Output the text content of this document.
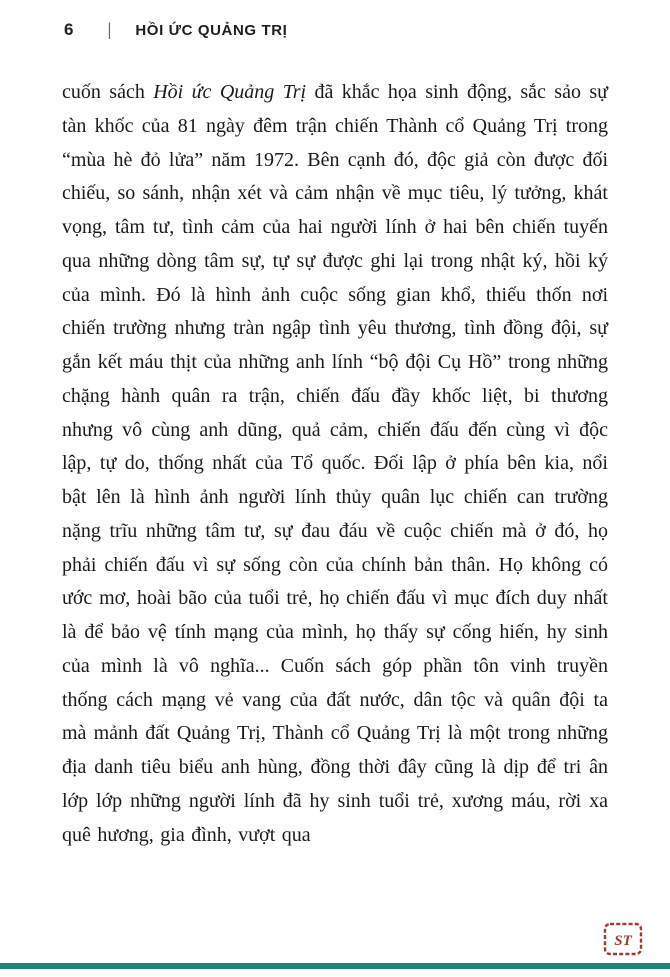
6 | HỒI ỨC QUẢNG TRỊ
cuốn sách Hồi ức Quảng Trị đã khắc họa sinh động, sắc sảo sự tàn khốc của 81 ngày đêm trận chiến Thành cổ Quảng Trị trong “mùa hè đỏ lửa” năm 1972. Bên cạnh đó, độc giả còn được đối chiếu, so sánh, nhận xét và cảm nhận về mục tiêu, lý tưởng, khát vọng, tâm tư, tình cảm của hai người lính ở hai bên chiến tuyến qua những dòng tâm sự, tự sự được ghi lại trong nhật ký, hồi ký của mình. Đó là hình ảnh cuộc sống gian khổ, thiếu thốn nơi chiến trường nhưng tràn ngập tình yêu thương, tình đồng đội, sự gắn kết máu thịt của những anh lính “bộ đội Cụ Hồ” trong những chặng hành quân ra trận, chiến đấu đầy khốc liệt, bi thương nhưng vô cùng anh dũng, quả cảm, chiến đấu đến cùng vì độc lập, tự do, thống nhất của Tổ quốc. Đối lập ở phía bên kia, nổi bật lên là hình ảnh người lính thủy quân lục chiến can trường nặng trĩu những tâm tư, sự đau đáu về cuộc chiến mà ở đó, họ phải chiến đấu vì sự sống còn của chính bản thân. Họ không có ước mơ, hoài bão của tuổi trẻ, họ chiến đấu vì mục đích duy nhất là để bảo vệ tính mạng của mình, họ thấy sự cống hiến, hy sinh của mình là vô nghĩa... Cuốn sách góp phần tôn vinh truyền thống cách mạng vẻ vang của đất nước, dân tộc và quân đội ta mà mảnh đất Quảng Trị, Thành cổ Quảng Trị là một trong những địa danh tiêu biểu anh hùng, đồng thời đây cũng là dịp để tri ân lớp lớp những người lính đã hy sinh tuổi trẻ, xương máu, rời xa quê hương, gia đình, vượt qua
ST
